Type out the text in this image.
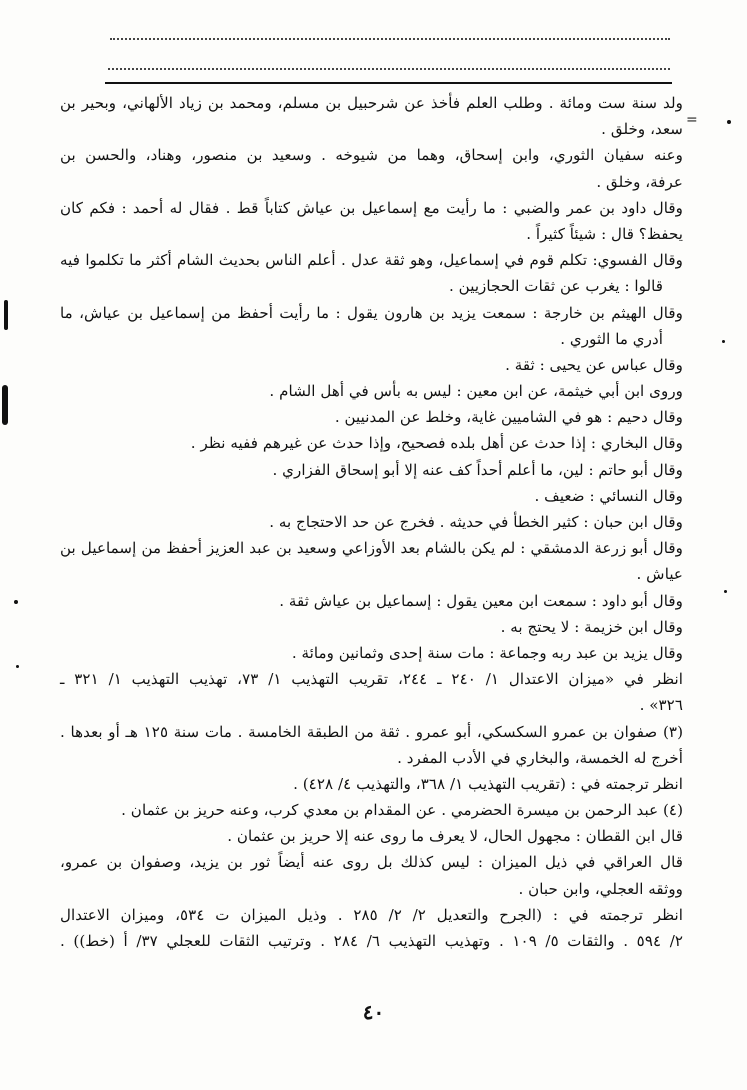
=
ولد سنة ست ومائة . وطلب العلم فأخذ عن شرحبيل بن مسلم، ومحمد بن زياد الألهاني، وبحير بن
سعد، وخلق .
وعنه سفيان الثوري، وابن إسحاق، وهما من شيوخه . وسعيد بن منصور، وهناد، والحسن بن
عرفة، وخلق .
وقال داود بن عمر والضبي : ما رأيت مع إسماعيل بن عياش كتاباً قط . فقال له أحمد : فكم كان
يحفظ؟ قال : شيئاً كثيراً .
وقال الفسوي: تكلم قوم في إسماعيل، وهو ثقة عدل . أعلم الناس بحديث الشام أكثر ما تكلموا فيه
قالوا : يغرب عن ثقات الحجازيين .
وقال الهيثم بن خارجة : سمعت يزيد بن هارون يقول : ما رأيت أحفظ من إسماعيل بن عياش، ما
أدري ما الثوري .
وقال عباس عن يحيى : ثقة .
وروى ابن أبي خيثمة، عن ابن معين : ليس به بأس في أهل الشام .
وقال دحيم : هو في الشاميين غاية، وخلط عن المدنيين .
وقال البخاري : إذا حدث عن أهل بلده فصحيح، وإذا حدث عن غيرهم ففيه نظر .
وقال أبو حاتم : لين، ما أعلم أحداً كف عنه إلا أبو إسحاق الفزاري .
وقال النسائي : ضعيف .
وقال ابن حبان : كثير الخطأ في حديثه . فخرج عن حد الاحتجاج به .
وقال أبو زرعة الدمشقي : لم يكن بالشام بعد الأوزاعي وسعيد بن عبد العزيز أحفظ من إسماعيل بن
عياش .
وقال أبو داود : سمعت ابن معين يقول : إسماعيل بن عياش ثقة .
وقال ابن خزيمة : لا يحتج به .
وقال يزيد بن عبد ربه وجماعة : مات سنة إحدى وثمانين ومائة .
انظر في «ميزان الاعتدال ١/ ٢٤٠ ـ ٢٤٤، تقريب التهذيب ١/ ٧٣، تهذيب التهذيب ١/ ٣٢١ ـ
٣٢٦» .
(٣) صفوان بن عمرو السكسكي، أبو عمرو . ثقة من الطبقة الخامسة . مات سنة ١٢٥ هـ أو بعدها .
أخرج له الخمسة، والبخاري في الأدب المفرد .
انظر ترجمته في : (تقريب التهذيب ١/ ٣٦٨، والتهذيب ٤/ ٤٢٨) .
(٤) عبد الرحمن بن ميسرة الحضرمي . عن المقدام بن معدي كرب، وعنه حريز بن عثمان .
قال ابن القطان : مجهول الحال، لا يعرف ما روى عنه إلا حريز بن عثمان .
قال العراقي في ذيل الميزان : ليس كذلك بل روى عنه أيضاً ثور بن يزيد، وصفوان بن عمرو،
ووثقه العجلي، وابن حبان .
انظر ترجمته في : (الجرح والتعديل ٢/ ٢/ ٢٨٥ . وذيل الميزان ت ٥٣٤، وميزان الاعتدال
٢/ ٥٩٤ . والثقات ٥/ ١٠٩ . وتهذيب التهذيب ٦/ ٢٨٤ . وترتيب الثقات للعجلي ٣٧/ أ (خط)) .
٤٠
